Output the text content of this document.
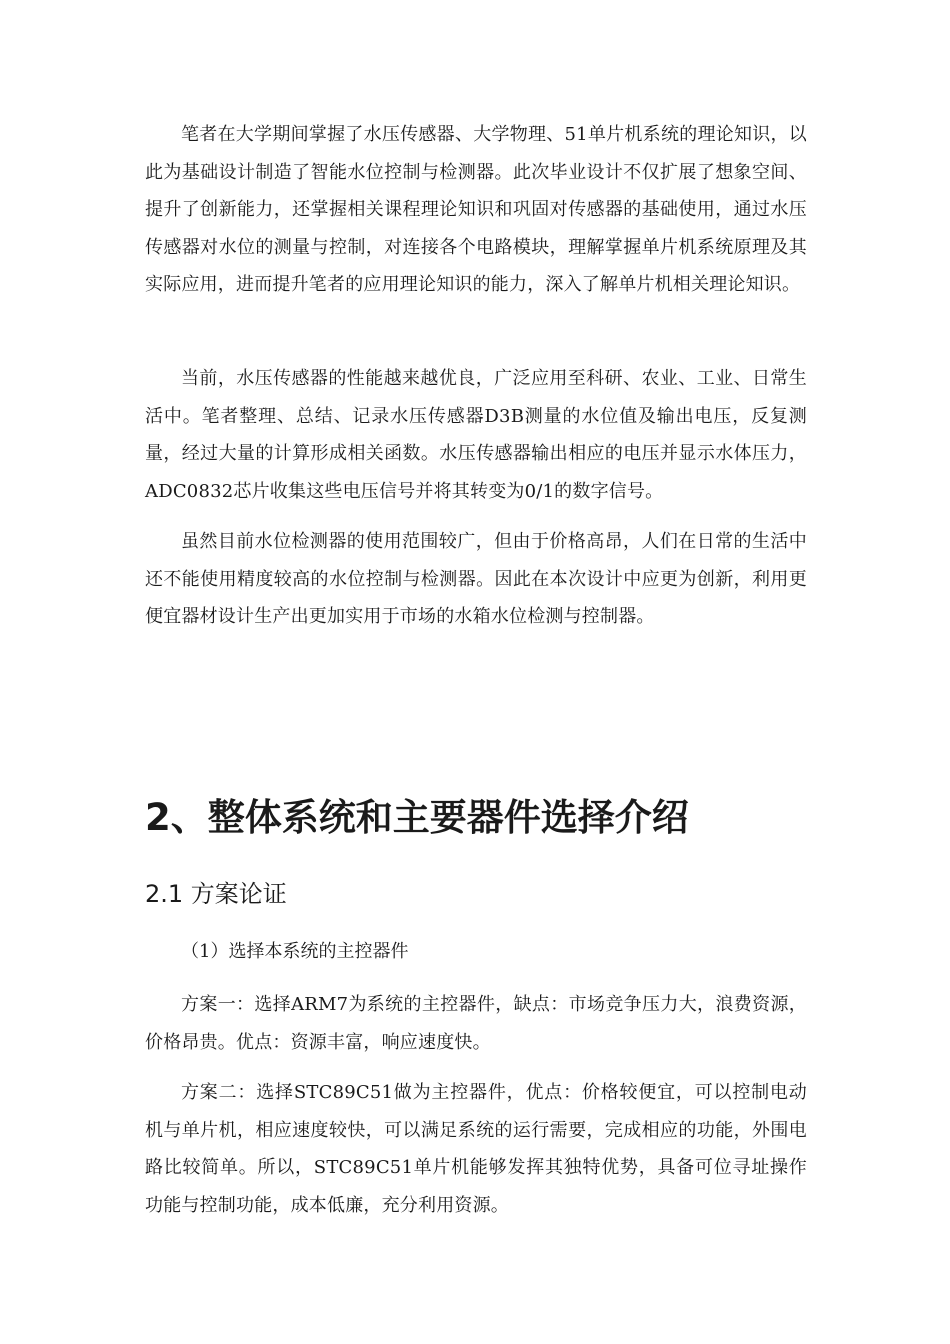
笔者在大学期间掌握了水压传感器、大学物理、51单片机系统的理论知识，以此为基础设计制造了智能水位控制与检测器。此次毕业设计不仅扩展了想象空间、提升了创新能力，还掌握相关课程理论知识和巩固对传感器的基础使用，通过水压传感器对水位的测量与控制，对连接各个电路模块，理解掌握单片机系统原理及其实际应用，进而提升笔者的应用理论知识的能力，深入了解单片机相关理论知识。

当前，水压传感器的性能越来越优良，广泛应用至科研、农业、工业、日常生活中。笔者整理、总结、记录水压传感器D3B测量的水位值及输出电压，反复测量，经过大量的计算形成相关函数。水压传感器输出相应的电压并显示水体压力，ADC0832芯片收集这些电压信号并将其转变为0/1的数字信号。

虽然目前水位检测器的使用范围较广，但由于价格高昂，人们在日常的生活中还不能使用精度较高的水位控制与检测器。因此在本次设计中应更为创新，利用更便宜器材设计生产出更加实用于市场的水箱水位检测与控制器。

2、整体系统和主要器件选择介绍
2.1 方案论证

（1）选择本系统的主控器件

方案一：选择ARM7为系统的主控器件，缺点：市场竞争压力大，浪费资源，价格昂贵。优点：资源丰富，响应速度快。

方案二：选择STC89C51做为主控器件，优点：价格较便宜，可以控制电动机与单片机，相应速度较快，可以满足系统的运行需要，完成相应的功能，外围电路比较简单。所以，STC89C51单片机能够发挥其独特优势，具备可位寻址操作功能与控制功能，成本低廉，充分利用资源。
